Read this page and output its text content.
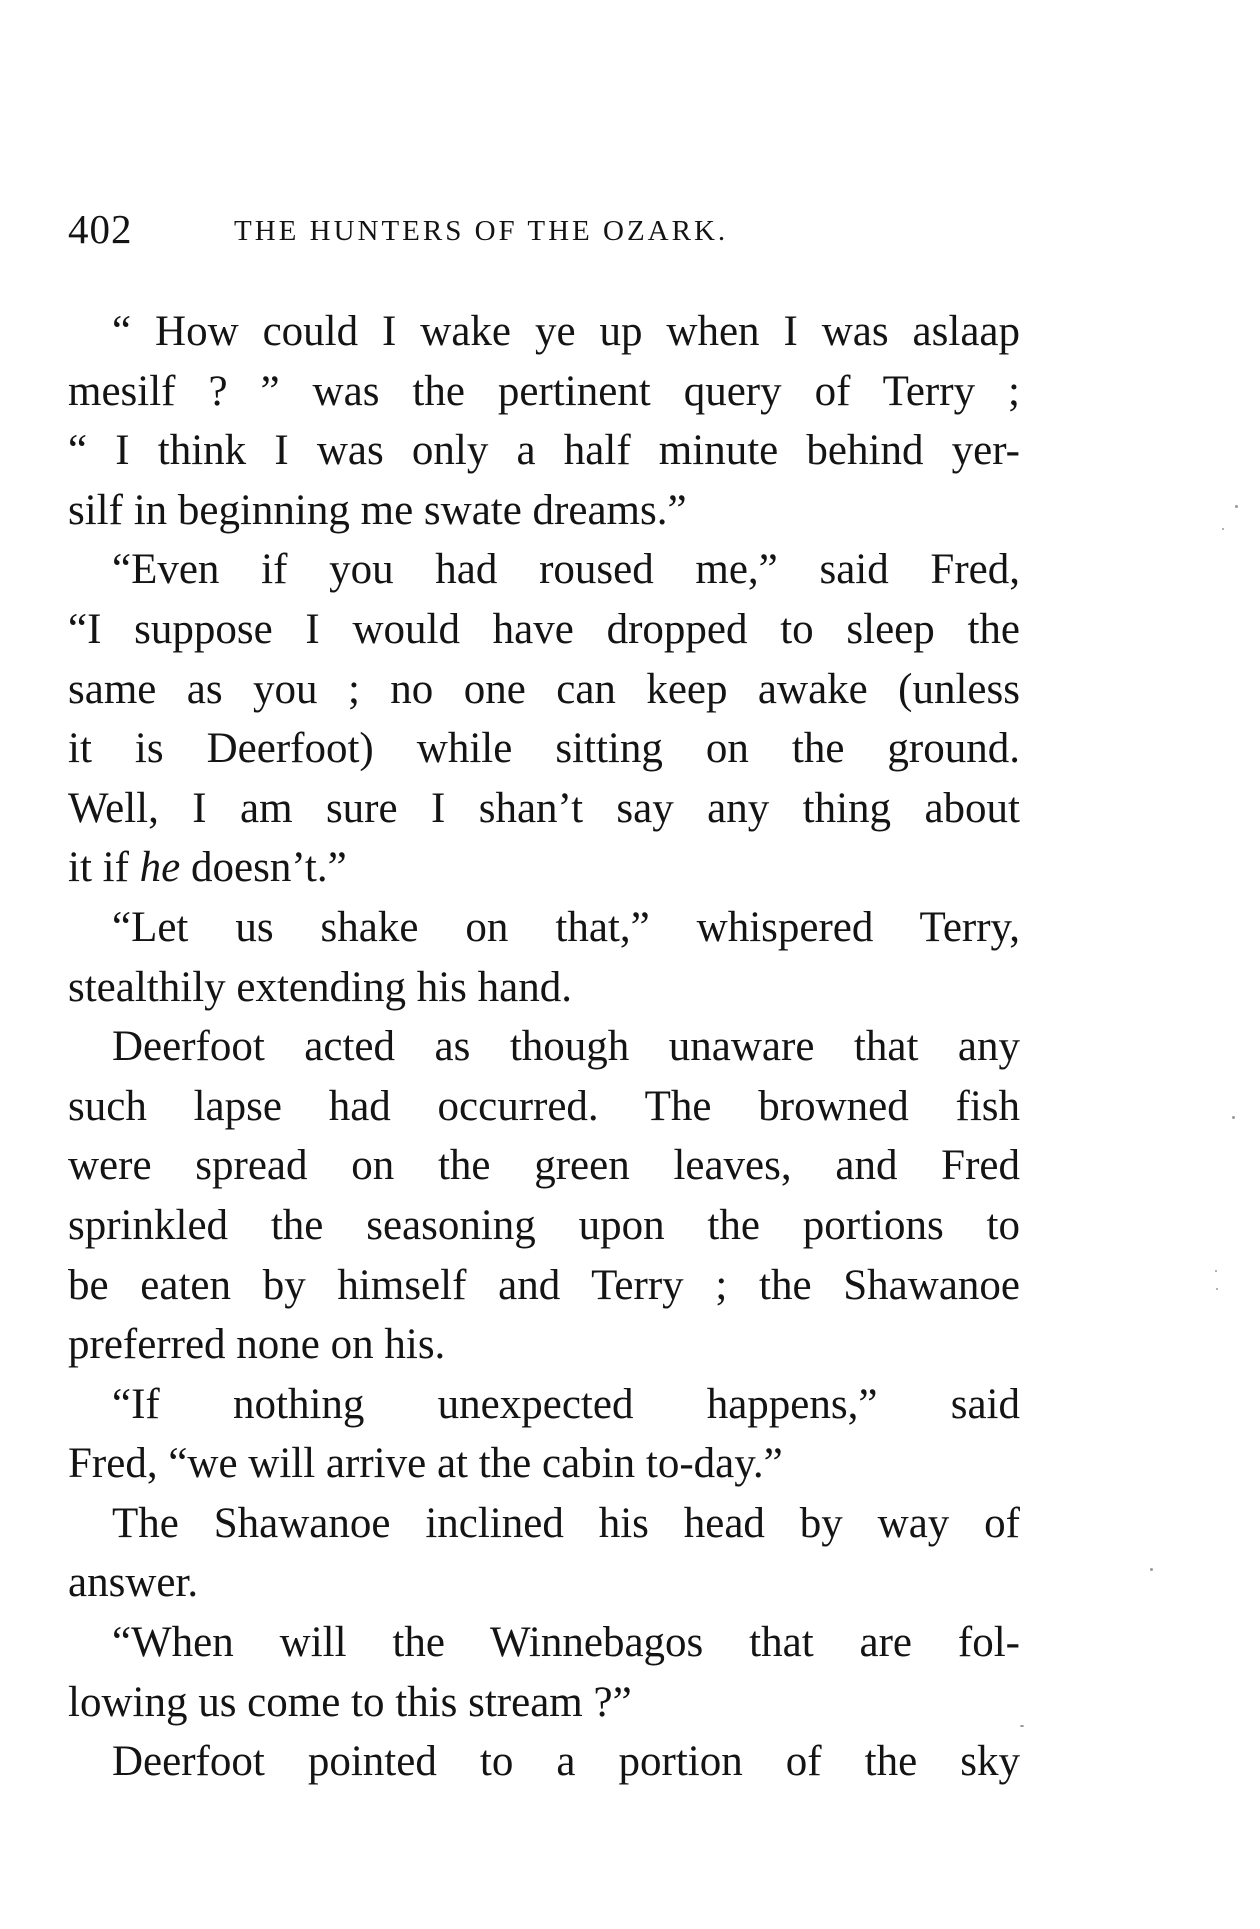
402	THE HUNTERS OF THE OZARK.
“ How could I wake ye up when I was aslaap
mesilf ? ” was the pertinent query of Terry ;
“ I think I was only a half minute behind yer-
silf in beginning me swate dreams.”
“Even if you had roused me,” said Fred,
“I suppose I would have dropped to sleep the
same as you ; no one can keep awake (unless
it is Deerfoot) while sitting on the ground.
Well, I am sure I shan’t say any thing about
it if he doesn’t.”
“Let us shake on that,” whispered Terry,
stealthily extending his hand.
Deerfoot acted as though unaware that any
such lapse had occurred. The browned fish
were spread on the green leaves, and Fred
sprinkled the seasoning upon the portions to
be eaten by himself and Terry ; the Shawanoe
preferred none on his.
“If nothing unexpected happens,” said
Fred, “we will arrive at the cabin to-day.”
The Shawanoe inclined his head by way of
answer.
“When will the Winnebagos that are fol-
lowing us come to this stream ?”
Deerfoot pointed to a portion of the sky
